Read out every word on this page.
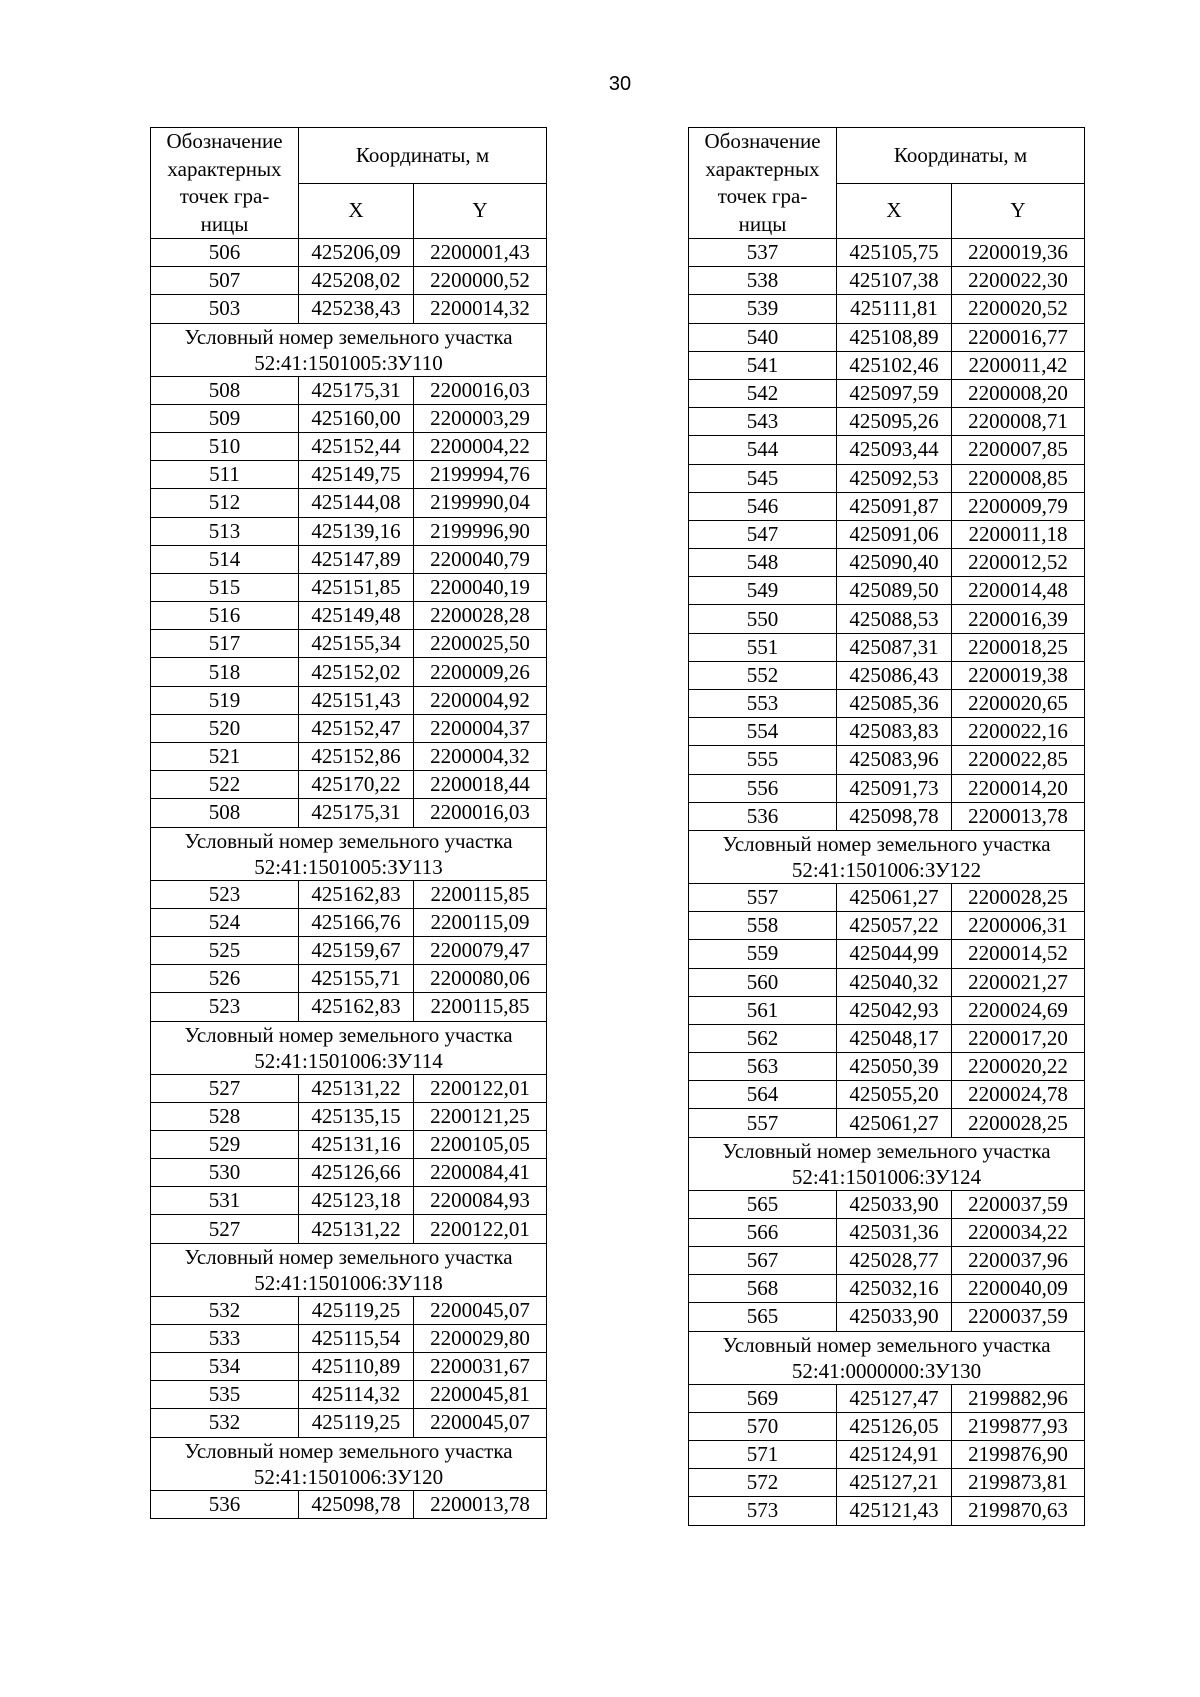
30
Обозначение
характерных
точек гра-
ницы	Координаты, м	
	X	Y
506	425206,09	2200001,43
507	425208,02	2200000,52
503	425238,43	2200014,32

Условный номер земельного участка
52:41:1501005:ЗУ110		

508	425175,31	2200016,03
509	425160,00	2200003,29
510	425152,44	2200004,22
511	425149,75	2199994,76
512	425144,08	2199990,04
513	425139,16	2199996,90
514	425147,89	2200040,79
515	425151,85	2200040,19
516	425149,48	2200028,28
517	425155,34	2200025,50
518	425152,02	2200009,26
519	425151,43	2200004,92
520	425152,47	2200004,37
521	425152,86	2200004,32
522	425170,22	2200018,44
508	425175,31	2200016,03

Условный номер земельного участка
52:41:1501005:ЗУ113		

523	425162,83	2200115,85
524	425166,76	2200115,09
525	425159,67	2200079,47
526	425155,71	2200080,06
523	425162,83	2200115,85

Условный номер земельного участка
52:41:1501006:ЗУ114		

527	425131,22	2200122,01
528	425135,15	2200121,25
529	425131,16	2200105,05
530	425126,66	2200084,41
531	425123,18	2200084,93
527	425131,22	2200122,01

Условный номер земельного участка
52:41:1501006:ЗУ118		

532	425119,25	2200045,07
533	425115,54	2200029,80
534	425110,89	2200031,67
535	425114,32	2200045,81
532	425119,25	2200045,07

Условный номер земельного участка
52:41:1501006:ЗУ120		

536	425098,78	2200013,78
Обозначение
характерных
точек гра-
ницы	Координаты, м	
	X	Y
537	425105,75	2200019,36
538	425107,38	2200022,30
539	425111,81	2200020,52
540	425108,89	2200016,77
541	425102,46	2200011,42
542	425097,59	2200008,20
543	425095,26	2200008,71
544	425093,44	2200007,85
545	425092,53	2200008,85
546	425091,87	2200009,79
547	425091,06	2200011,18
548	425090,40	2200012,52
549	425089,50	2200014,48
550	425088,53	2200016,39
551	425087,31	2200018,25
552	425086,43	2200019,38
553	425085,36	2200020,65
554	425083,83	2200022,16
555	425083,96	2200022,85
556	425091,73	2200014,20
536	425098,78	2200013,78

Условный номер земельного участка
52:41:1501006:ЗУ122		

557	425061,27	2200028,25
558	425057,22	2200006,31
559	425044,99	2200014,52
560	425040,32	2200021,27
561	425042,93	2200024,69
562	425048,17	2200017,20
563	425050,39	2200020,22
564	425055,20	2200024,78
557	425061,27	2200028,25

Условный номер земельного участка
52:41:1501006:ЗУ124		

565	425033,90	2200037,59
566	425031,36	2200034,22
567	425028,77	2200037,96
568	425032,16	2200040,09
565	425033,90	2200037,59

Условный номер земельного участка
52:41:0000000:ЗУ130		

569	425127,47	2199882,96
570	425126,05	2199877,93
571	425124,91	2199876,90
572	425127,21	2199873,81
573	425121,43	2199870,63
